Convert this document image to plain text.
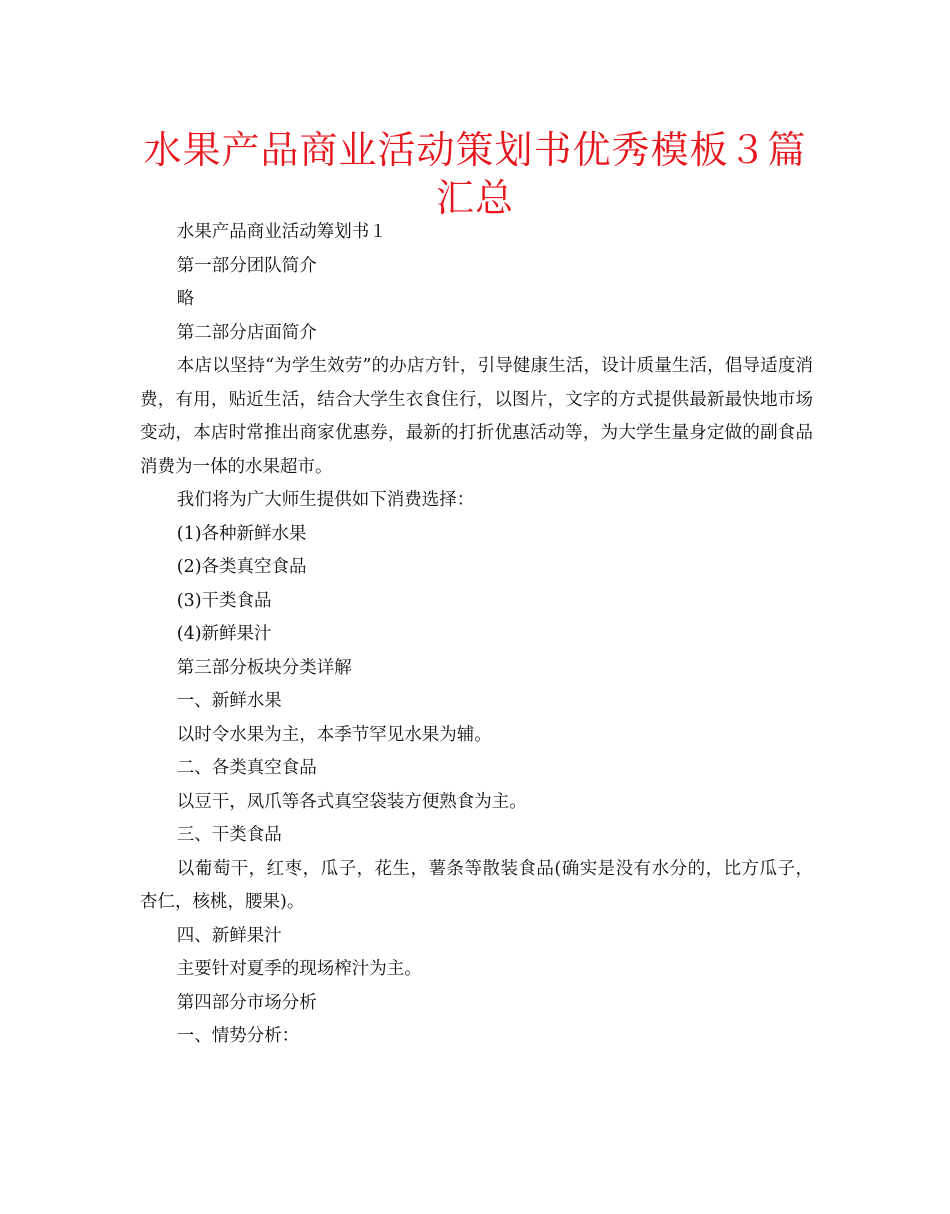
水果产品商业活动策划书优秀模板３篇汇总

水果产品商业活动筹划书１

第一部分团队简介

略

第二部分店面简介

本店以坚持“为学生效劳”的办店方针，引导健康生活，设计质量生活，倡导适度消费，有用，贴近生活，结合大学生衣食住行，以图片，文字的方式提供最新最快地市场变动，本店时常推出商家优惠券，最新的打折优惠活动等，为大学生量身定做的副食品消费为一体的水果超市。

我们将为广大师生提供如下消费选择：

(1)各种新鲜水果

(2)各类真空食品

(3)干类食品

(4)新鲜果汁

第三部分板块分类详解

一、新鲜水果

以时令水果为主，本季节罕见水果为辅。

二、各类真空食品

以豆干，凤爪等各式真空袋装方便熟食为主。

三、干类食品

以葡萄干，红枣，瓜子，花生，薯条等散装食品(确实是没有水分的，比方瓜子，杏仁，核桃，腰果)。

四、新鲜果汁

主要针对夏季的现场榨汁为主。

第四部分市场分析

一、情势分析：
